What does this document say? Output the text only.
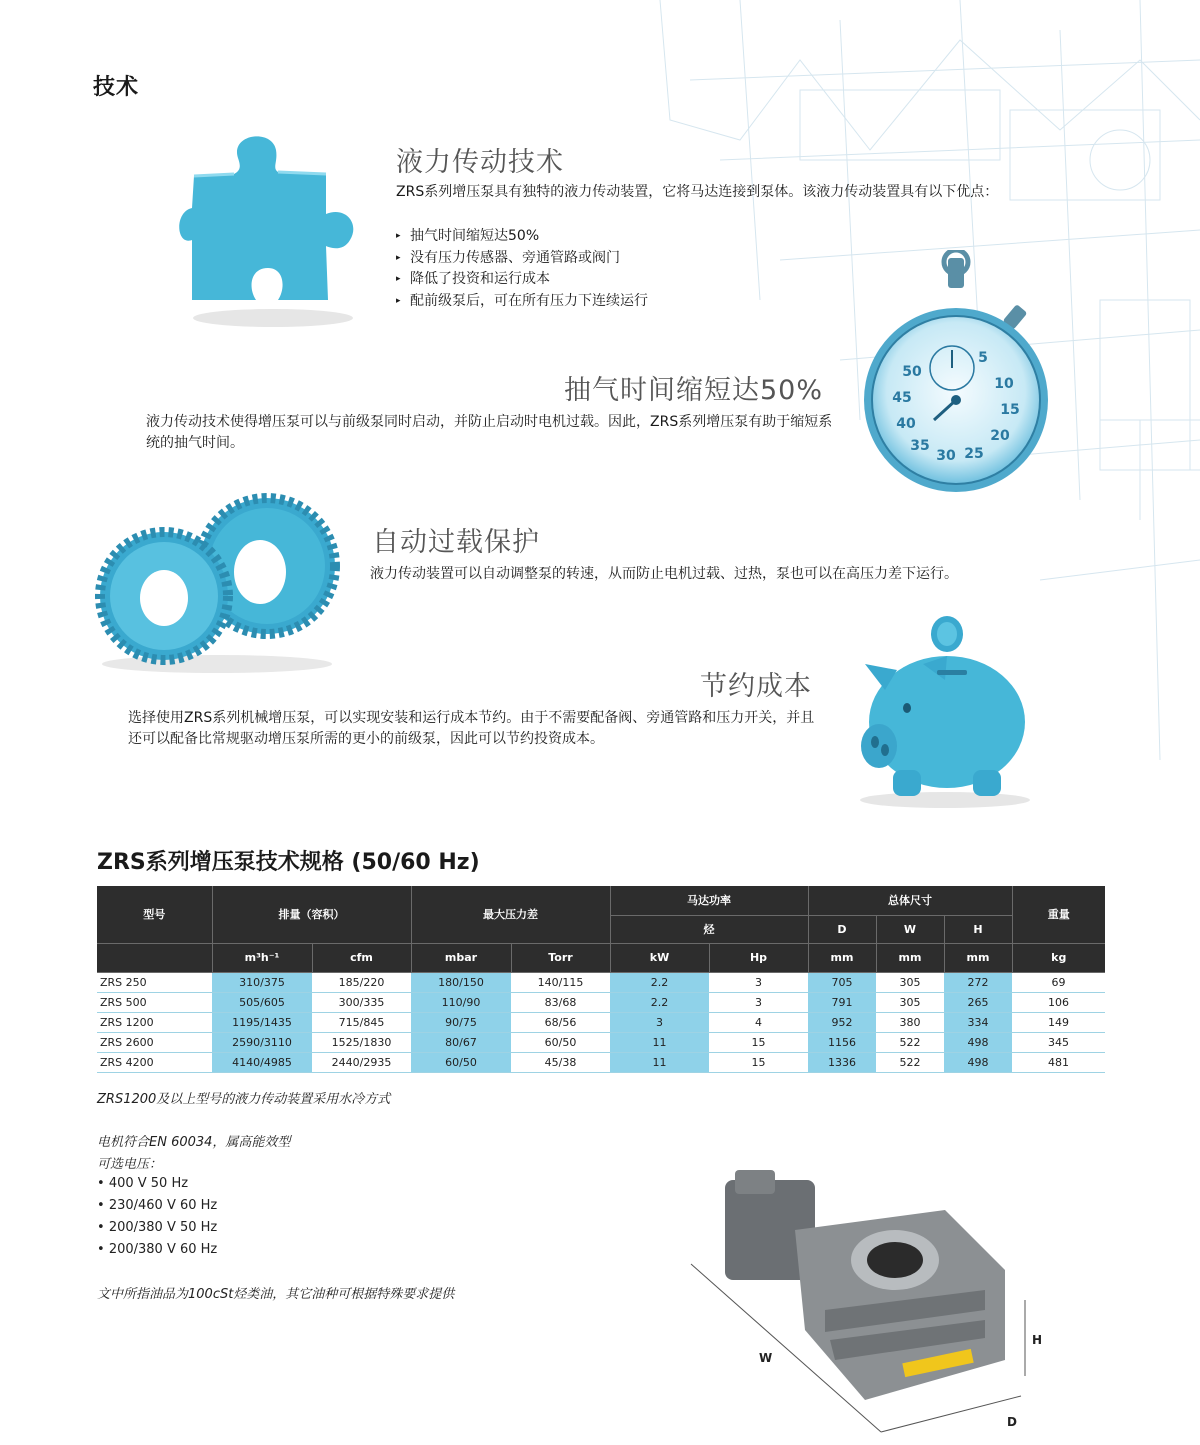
技术
液力传动技术
ZRS系列增压泵具有独特的液力传动装置，它将马达连接到泵体。该液力传动装置具有以下优点：
▸ 抽气时间缩短达50%
▸ 没有压力传感器、旁通管路或阀门
▸ 降低了投资和运行成本
▸ 配前级泵后，可在所有压力下连续运行
5
10
15
20
25
30
35
40
45
50
抽气时间缩短达50%
液力传动技术使得增压泵可以与前级泵同时启动，并防止启动时电机过载。因此，ZRS系列增压泵有助于缩短系统的抽气时间。
自动过载保护
液力传动装置可以自动调整泵的转速，从而防止电机过载、过热，泵也可以在高压力差下运行。
节约成本
选择使用ZRS系列机械增压泵，可以实现安装和运行成本节约。由于不需要配备阀、旁通管路和压力开关，并且还可以配备比常规驱动增压泵所需的更小的前级泵，因此可以节约投资成本。
ZRS系列增压泵技术规格 (50/60 Hz)
型号	排量（容积）		最大压力差		马达功率		总体尺寸			重量
					烃		D	W	H	
	m³h⁻¹	cfm	mbar	Torr	kW	Hp	mm	mm	mm	kg
ZRS 250	310/375	185/220	180/150	140/115	2.2	3	705	305	272	69
ZRS 500	505/605	300/335	110/90	83/68	2.2	3	791	305	265	106
ZRS 1200	1195/1435	715/845	90/75	68/56	3	4	952	380	334	149
ZRS 2600	2590/3110	1525/1830	80/67	60/50	11	15	1156	522	498	345
ZRS 4200	4140/4985	2440/2935	60/50	45/38	11	15	1336	522	498	481
ZRS1200及以上型号的液力传动装置采用水冷方式
电机符合EN 60034，属高能效型
可选电压：
• 400 V 50 Hz
• 230/460 V 60 Hz
• 200/380 V 50 Hz
• 200/380 V 60 Hz
文中所指油品为100cSt烃类油，其它油种可根据特殊要求提供
W
H
D
